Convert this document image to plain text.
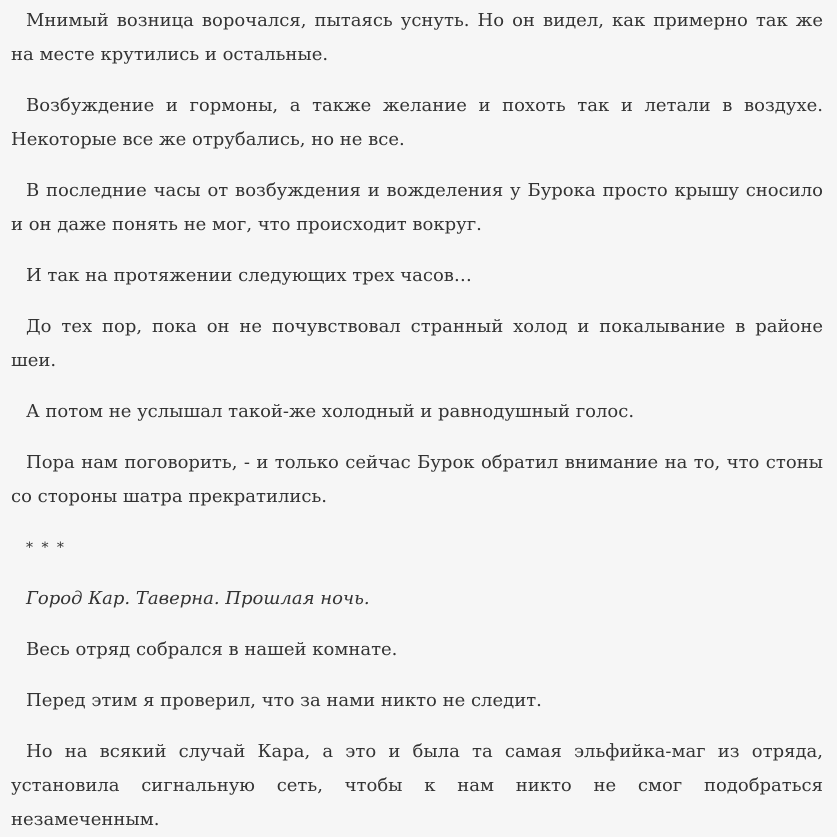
Мнимый возница ворочался, пытаясь уснуть. Но он видел, как примерно так же на месте крутились и остальные.

Возбуждение и гормоны, а также желание и похоть так и летали в воздухе. Некоторые все же отрубались, но не все.

В последние часы от возбуждения и вожделения у Бурока просто крышу сносило и он даже понять не мог, что происходит вокруг.

И так на протяжении следующих трех часов…

До тех пор, пока он не почувствовал странный холод и покалывание в районе шеи.

А потом не услышал такой-же холодный и равнодушный голос.

Пора нам поговорить, - и только сейчас Бурок обратил внимание на то, что стоны со стороны шатра прекратились.

* * *

Город Кар. Таверна. Прошлая ночь.

Весь отряд собрался в нашей комнате.

Перед этим я проверил, что за нами никто не следит.

Но на всякий случай Кара, а это и была та самая эльфийка-маг из отряда, установила сигнальную сеть, чтобы к нам никто не смог подобраться незамеченным.
